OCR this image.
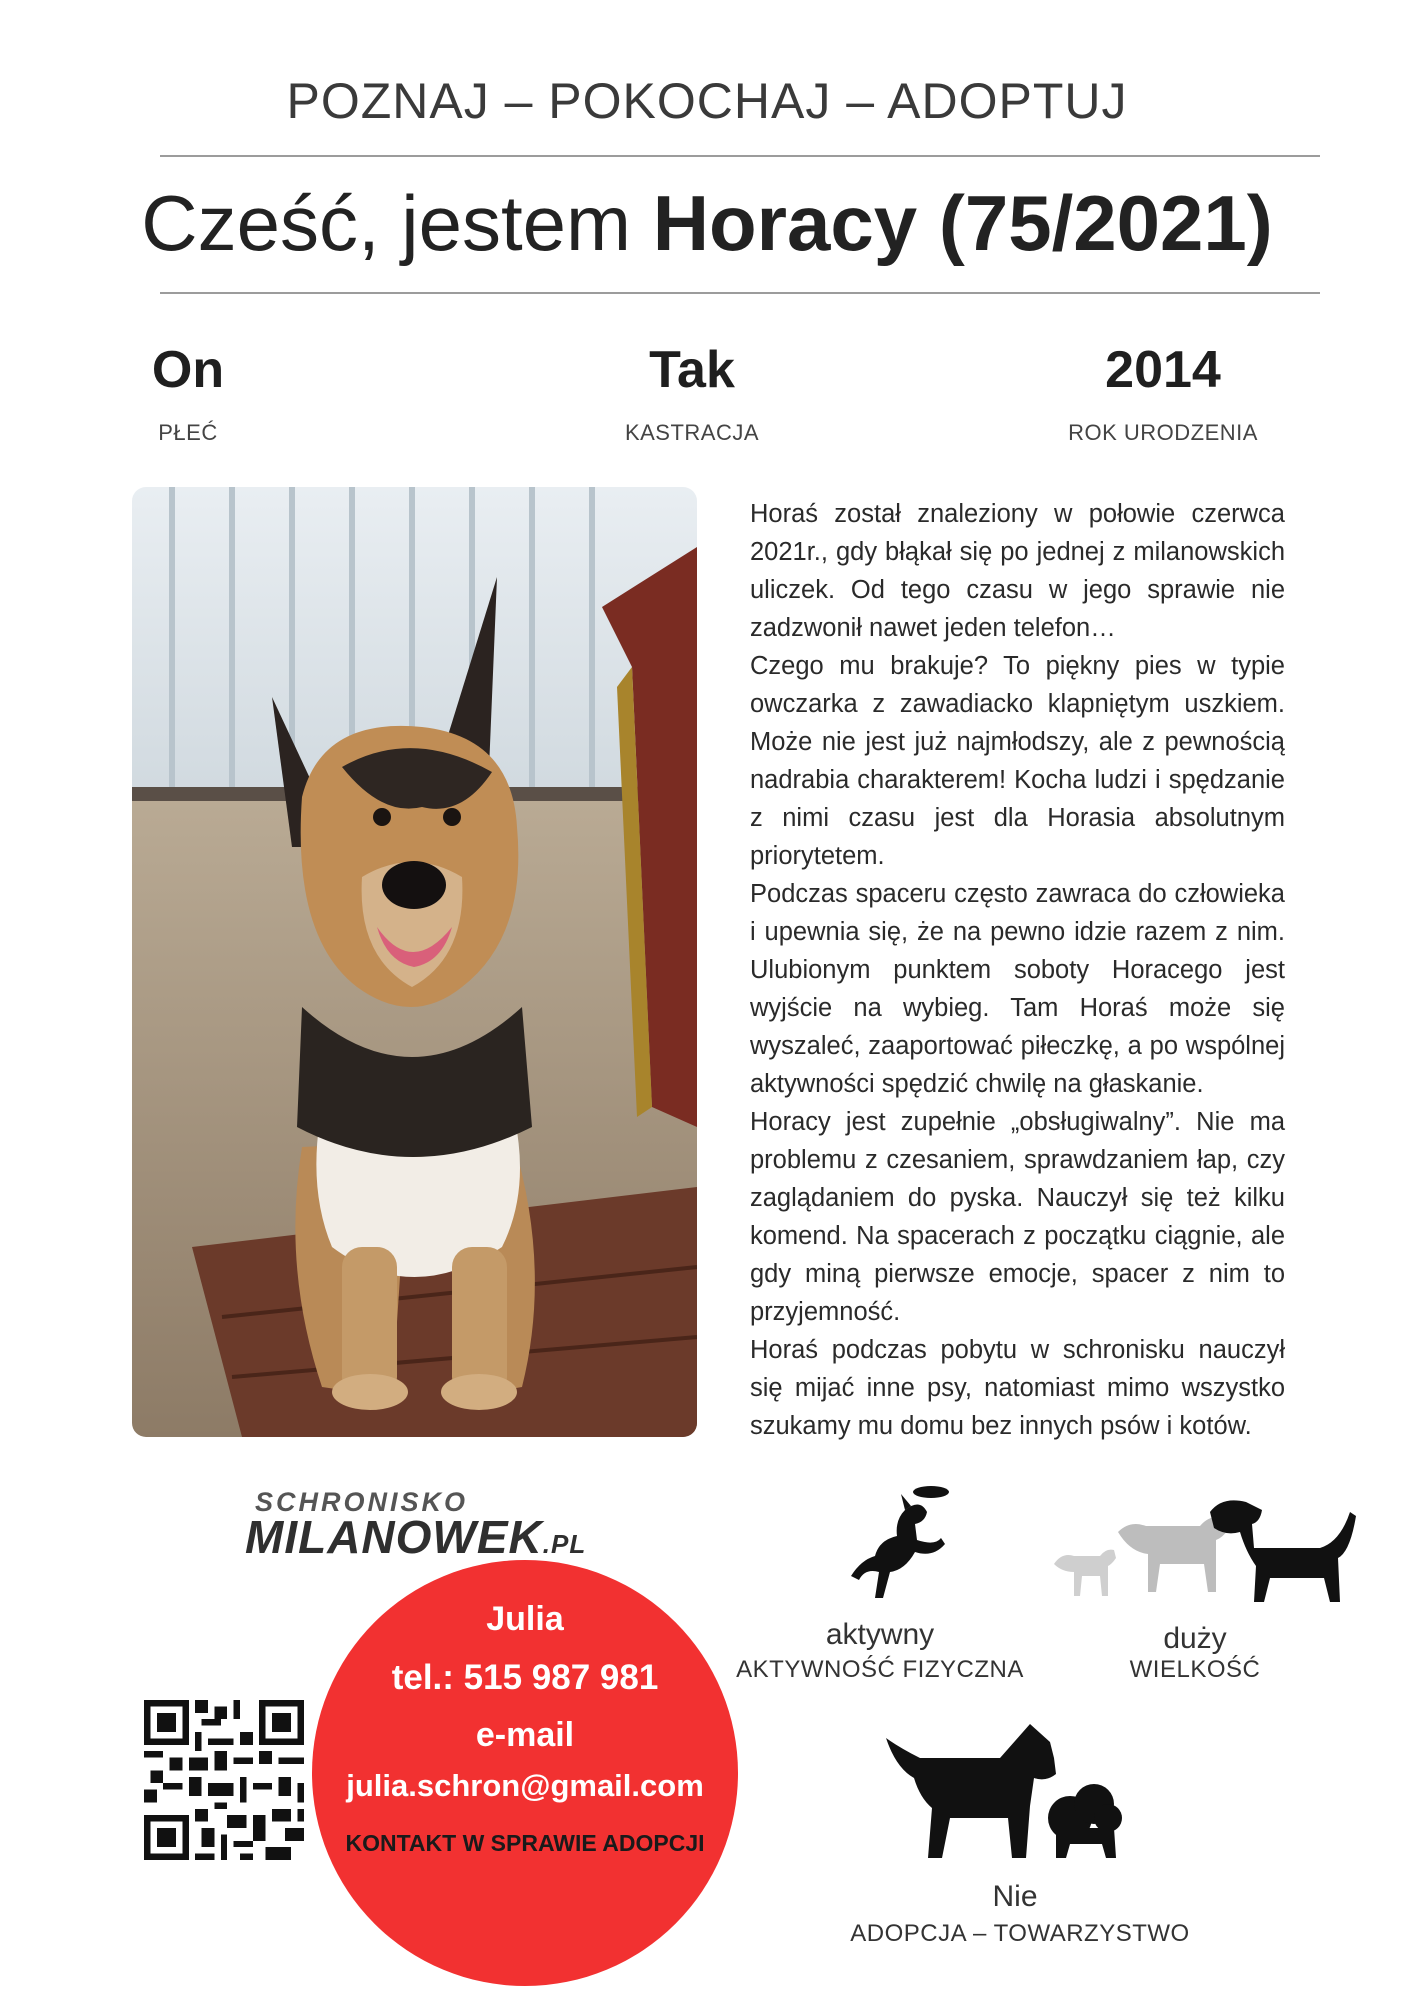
POZNAJ – POKOCHAJ – ADOPTUJ
Cześć, jestem Horacy (75/2021)
On
PŁEĆ
Tak
KASTRACJA
2014
ROK URODZENIA

Horaś został znaleziony w połowie czerwca 2021r., gdy błąkał się po jednej z milanowskich uliczek. Od tego czasu w jego sprawie nie zadzwonił nawet jeden telefon…

Czego mu brakuje? To piękny pies w typie owczarka z zawadiacko klapniętym uszkiem. Może nie jest już najmłodszy, ale z pewnością nadrabia charakterem! Kocha ludzi i spędzanie z nimi czasu jest dla Horasia absolutnym priorytetem.

Podczas spaceru często zawraca do człowieka i upewnia się, że na pewno idzie razem z nim. Ulubionym punktem soboty Horacego jest wyjście na wybieg. Tam Horaś może się wyszaleć, zaaportować piłeczkę, a po wspólnej aktywności spędzić chwilę na głaskanie.

Horacy jest zupełnie „obsługiwalny”. Nie ma problemu z czesaniem, sprawdzaniem łap, czy zaglądaniem do pyska. Nauczył się też kilku komend. Na spacerach z początku ciągnie, ale gdy miną pierwsze emocje, spacer z nim to przyjemność.

Horaś podczas pobytu w schronisku nauczył się mijać inne psy, natomiast mimo wszystko szukamy mu domu bez innych psów i kotów.

SCHRONISKO
MILANOWEK.PL
Julia
tel.: 515 987 981
e-mail
julia.schron@gmail.com
KONTAKT W SPRAWIE ADOPCJI
aktywny
AKTYWNOŚĆ FIZYCZNA
duży
WIELKOŚĆ
Nie
ADOPCJA – TOWARZYSTWO
